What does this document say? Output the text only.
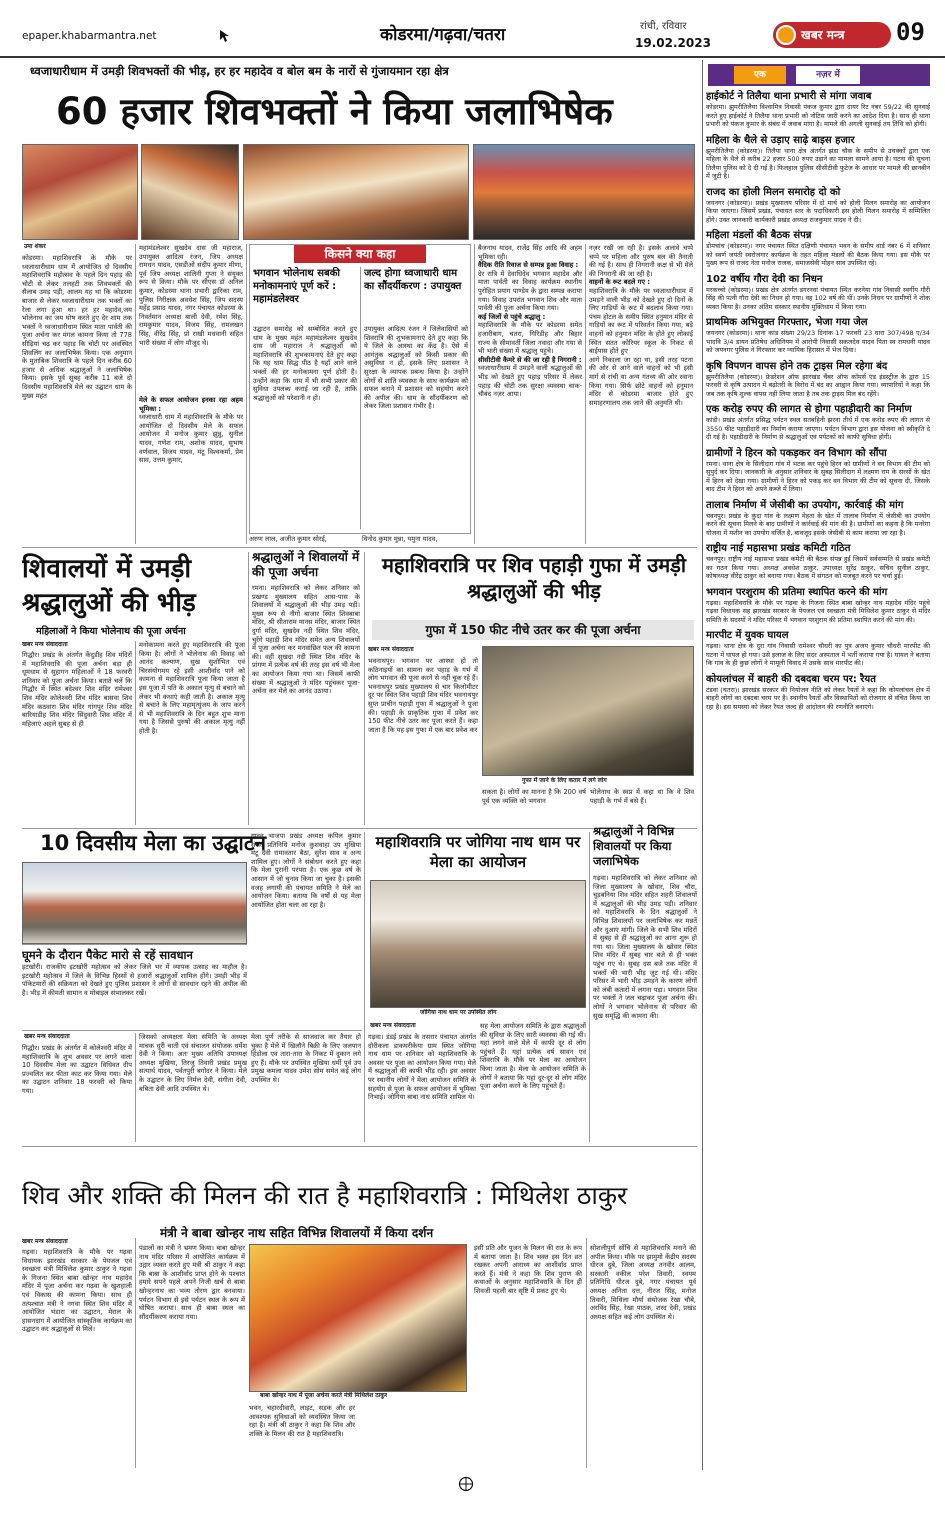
epaper.khabarmantra.net	कोडरमा/गढ़वा/चतरा	रांची, रविवार
19.02.2023
खबर मन्त्र 09
ध्वजाधारीधाम में उमड़ी शिवभक्तों की भीड़, हर हर महादेव व बोल बम के नारों से गुंजायमान रहा क्षेत्र
60 हजार शिवभक्तों ने किया जलाभिषेक
उमा शंकर
कोडरमा। महाशिवरात्रि के मौके पर ध्वजाधारीधाम धाम में आयोजित दो दिवसीय महाशिवरात्रि महोत्सव के पहले दिन पहाड़ की चोटी से लेकर तलहटी तक शिवभक्तों की सैलाब उमड़ पड़ी, आलम यह था कि कोडरमा बाजार से लेकर ध्वजाधारीधाम तक भक्तों का रेला लगा हुआ था। हर हर महादेव,जय भोलेनाथ का जय घोष करते हुए देर शाम तक भक्तों ने ध्वजाधारीधाम स्थित माता पार्वती की पूजा अर्चना कर मंगल कामना किया तो 778 सीढ़ियां चढ़ कर पहाड़ कि चोटी पर अवस्थित शिवलिंग का जलाभिषेक किया। एक अनुमान के मुताबिक शिवरात्रि के पहले दिन करीब 60 हजार से अधिक श्रद्धालुओं ने जलाभिषेक किया। इसके पूर्व सुबह करीब 11 बजे दो दिवसीय महाशिवरात्रि मेले का उद्घाटन धाम के मुख्य महंत
महामंडलेश्वर सुखदेव दास जी महाराज, उपायुक्त आदित्य रंजन, जिप अध्यक्ष रामधन यादव, एसडीओ संदीप कुमार मीणा, पूर्व जिप अध्यक्ष शालिनी गुप्ता ने संयुक्त रूप से किया। मौके पर सीएस डॉ अनिल कुमार, कोडरमा थाना प्रभारी द्वारिका राम, पुलिस निरीक्षक अवधेश सिंह, जिप सदस्य महेंद्र प्रसाद यादव, नगर पंचायत कोडरमा के निवर्तमान अध्यक्ष बाली देवी, रमेश सिंह, रामकुमार यादव, विजय सिंह, रामलखन सिंह, वीरेंद्र सिंह, प्रो राखी मधवानी सहित भारी संख्या में लोग मौजूद थे।
मेले के सफल आयोजन इनका रहा अहम भूमिका :
ध्वजाधारी धाम में महाशिवरात्रि के मौके पर आयोजित दो दिवसीय मेले के सफल आयोजन में मनोज कुमार झुन्नु, सुनील यादव, गणेश राम, अशोक यादव, सुभाष वर्णवाल, विजय यादव, मंटू विश्वकर्मा, प्रेम साव, उत्तम कुमार,
किसने क्या कहा
भगवान भोलेनाथ सबकी मनोकामनाएं पूर्ण करें : महामंडलेश्वर
उद्घाटन समारोह को सम्बोधित करते हुए धाम के मुख्य महंत महामंडलेश्वर सुखदेव दास जी महाराज ने श्रद्धालुओं को महाशिवरात्रि की शुभकामनाएं देते हुए कहा कि यह धाम सिद्ध पीठ है यहाँ आने वाले भक्तों की हर मनोकामना पूर्ण होती है। उन्होंने कहा कि धाम में भी सभी प्रकार की सुविधा उपलब्ध कराई जा रही है, ताकि श्रद्धालुओं को परेशानी न हो।
जल्द होगा ध्वजाधारी धाम का सौंदर्यीकरण : उपायुक्त
उपायुक्त आदित्य रंजन ने जिलेवासियों को शिवरात्रि की शुभकामनाएं देते हुए कहा कि ये जिले के आस्था का केंद्र है। ऐसे में आगंतुक श्रद्धालुओं को किसी प्रकार की असुविधा न हो, इसके लिए प्रशासन ने सुरक्षा के व्यापक प्रबन्ध किया है। उन्होंने लोगों से शांति व्यवस्था के साथ कार्यक्रम को सफल बनाने में प्रशासन को सहयोग करने की अपील की। धाम के सौंदर्यीकरण को लेकर जिला प्रशासन गंभीर है।
अरुण लाल, अजीत कुमार सोरई,	विनोद कुमार मुन्ना, यमुना यादव,
बैजनाथ यादव, राजेंद्र सिंह आदि की अहम भूमिका रही।
वैदिक रीति रिवाज से सम्पन्न हुआ विवाह :
देर रात्रि में देवाधिदेव भगवान महादेव और माता पार्वती का विवाह कार्यक्रम स्थानीय पुरोहित प्रयाग पाण्डेय के द्वारा सम्पन्न कराया गया। विवाह उपरांत भगवान शिव और माता पार्वती की पूजा अर्चना किया गया।
कई जिलों से पहुंचे श्रद्धालु :
महाशिवरात्रि के मौके पर कोडरमा समेत हजारीबाग, चतरा, गिरिडीह और बिहार राज्य के सीमावर्ती जिला नवादा और गया से भी भारी संख्या में श्रद्धालु पहुंचे।
सीसीटीवी कैमरे से की जा रही है निगरानी :
ध्वजाधारीधाम में उमड़ने वाली श्रद्धालुओं की भीड़ को देखते हुए पहाड़ परिसर में लेकर पहाड़ की चोटी तक सुरक्षा व्यवस्था चाक-चौबंद नज़र आया।
नज़र रखी जा रही है। इसके अलावे चप्पे चप्पे पर महिला और पुरुष बल की तैनाती की गई है। साथ ही निगरानी कक्ष से भी मेले की निगरानी की जा रही है।
वाहनों के रूट बदले गए :
महाशिवरात्रि के मौके पर ध्वजाधारीधाम में उमड़ने वाली भीड़ को देखते हुए दो दिनों के लिए गाड़ियों के रूट में बदलाव किया गया। पंचम होटल के समीप स्थित हनुमान मंदिर से गाड़ियों का रूट में परिवर्तन किया गया, बड़े वाहनों को हनुमान मंदिर के होते हुए लोकाई स्थित सतत कोरियर स्कूल के निकट से बाईपास होते हुए
आगे निकाला जा रहा था, इसी तरह पटना की ओर से आने वाले वाहनों को भी इसी मार्ग से रांची या अन्य गंतव्य की ओर रवाना किया गया। सिर्फ छोटे वाहनों को हनुमान मंदिर से कोडरमा बाजार होते हुए समाहरणालय तक जाने की अनुमति थी।
शिवालयों में उमड़ी श्रद्धालुओं की भीड़
महिलाओं ने किया भोलेनाथ की पूजा अर्चना
खबर मन्त्र संवाददाता
गिद्धौर। प्रखंड के अंतर्गत केंदुडीह शिव मंदिरों में महाशिवरात्रि की पूजा अर्चना बड़ा ही धूमधाम से सुहागन महिलाओं ने 18 फरवरी शनिवार को पूजा अर्चना किया। बताते चलें कि गिद्धौर में स्थित बदेश्वर शिव मंदिर रामेश्वर शिव मंदिर कोलेश्वरी शिव मंदिर बासवा शिव मंदिर कठवारा शिव मंदिर गांगपुर शिव मंदिर बारियाडीह शिव मंदिर सिंदुवारी शिव मंदिर में महिलाएं अहले सुबह से ही
मनोकामना करते हुए महाशिवरात्रि की पूजा किया है। लोगों ने भोलेनाथ की विवाह को आनंद कल्याण, सुख सुशोभित एवं चिरसंयोगमय रहे इसी आशीर्वाद पाने को कामना से महाशिवरात्रि पूजा किया जाता है इस पूजा में पति के अकाल मृत्यु से बचाने को लेकर भी कथाएं कही जाती है। अकाल मृत्यु से बचाने के लिए महामृत्युंजय के जाप करने से भी महाशिवरात्रि के दिन बहुत शुभ माना गया है जिससे पुरुषों की अकाल मृत्यु नहीं होती है।
श्रद्धालुओं ने शिवालयों में की पूजा अर्चना
रमना। महाशिवरात्रि को लेकर शनिवार को प्रखण्ड मुख्यालय सहित आस-पास के शिवालयों में श्रद्धालुओं की भीड़ उमड़ पड़ी। मुख्य रूप से नौगो बाजार स्थित शिवबाबा मंदिर, श्री सीताराम मानस मंदिर, बाजार स्थित दुर्गा मंदिर, सुखदेव नदी स्थित शिव मंदिर, चुरेंगे पहाड़ी शिव मंदिर समेत अन्य शिवालयों में पूजा अर्चना कर मनवांछित फल की कामना की। वहीं सुखदा नदी स्थित शिव मंदिर के प्रांगण में प्रत्येक वर्ष की तरह इस वर्ष भी मेला का आयोजन किया गया था। जिसमें काफी संख्या में श्रद्धालुओं ने मंदिर पहुंचकर पूजा-अर्चना कर मेले का आनंद उठाया।
महाशिवरात्रि पर शिव पहाड़ी गुफा में उमड़ी श्रद्धालुओं की भीड़
गुफा में 150 फीट नीचे उतर कर की पूजा अर्चना
खबर मन्त्र संवाददाता
भवनाथपुर। भगवान पर आस्था हो तो कठिनाइयों का सामना कर पहाड़ के गर्भ में लोग भगवान की पूजा करने से नहीं चूक रहे हैं। भवनाथपुर प्रखंड मुख्यालय से चार किलोमीटर दूर पर स्थित शिव पहाड़ी शिव मंदिर भवनाथपुर सुप्त प्राचीन पहाड़ी गुफा में श्रद्धालुओं ने पूजा की। पहाड़ी के प्राकृतिक गुफा में प्रवेश कर 150 फीट नीचे उतर कर पूजा करते हैं। कहा जाता है कि यह इस गुफा में एक बार प्रवेश कर
गुफा में जाने के लिए कतार में लगे लोग
सकता है। लोगों का मानना है कि 200 वर्ष पूर्व एक व्यक्ति को भगवान
भोलेनाथ के स्वप्न में कहा था कि वे शिव पहाड़ी के गर्भ में बसे हैं।
10 दिवसीय मेला का उद्घाटन
यादव भाजपा प्रखंड अध्यक्ष कपिल कुमार संसद प्रतिनिधि मनोज कुशवाहा उप मुखिया मंटू देवी रामावतार बैठा, सुरेश साव व अन्य शामिल हुए। लोगों ने संबोधन करते हुए कहा कि मेला पुरानी परंपरा है। एक कुछ वर्ष के आसान में जो चुनाव किया जा चुका है। इसकी वजह लगायी की पंचायत समिति ने मेले का आयोजन किया। बताया कि वर्षों से यह मेला आयोजित होता चला आ रहा है।
घूमने के दौरान पैकेट मारो से रहें सावधान
इटखोरी। राजकीय इटखोरी महोत्सव को लेकर जिले भर में व्यापक उत्साह का माहौल है। इटखोरी महोत्सव में जिले के विभिन्न हिस्सों से हजारों श्रद्धालुओं शामिल होंगे। उमड़ी भीड़ में पॉकेटमारों की सक्रियता को देखते हुए पुलिस प्रशासन ने लोगों से सावधान रहने की अपील की है। भीड़ में कीमती सामान व मोबाइल संभालकर रखें।
खबर मन्त्र संवाददाता
गिद्धौर। प्रखंड के अंतर्गत में कोलेश्वरी मंदिर में महाशिवरात्रि के शुभ अवसर पर लगने वाला 10 दिवसीय मेला का उद्घाटन विधिवत दीप प्रज्वलित कर फीता काट कर किया गया। मेले का उद्घाटन शनिवार 18 फरवरी को किया गया।
जिसको अध्यक्षता मेला समिति के अध्यक्ष माचक धुरी चाती एवं संचालन संयोजक धर्मेश देवी ने किया। अतः मुख्य अतिथि उपाध्यक्ष अध्यक्ष मुखिया, तिरजु तिवारी प्रखंड प्रमुख सत्यार्थ यादव, पर्वतपुरी बगोदर ने किया। मेले के उद्घाटन के लिए निर्मल देवी, संगीता देवी, बबिता देवी आदि उपस्थित थे।
मेला पूर्ण तरीके से साजवाज कर तैयार हो चुका है मेले में खिलौने बिक्री के लिए जलपान हिंडोला एवं तारा-तारा के निकट में दुकान लगे हुए हैं। मौके पर उपस्थित मुखिया धर्मी पूर्व उप प्रमुख कमला यादव उमेश सोम समेत कई लोग उपस्थित थे।
महाशिवरात्रि पर जोगिया नाथ धाम पर मेला का आयोजन
जोगिया नाथ धाम पर उपस्थित लोग
खबर मन्त्र संवाददाता
गढ़वा। डंडई प्रखंड के तसरार पंचायत अंतर्गत दोरीकला डाकघरीकेया ग्राम स्थित जोगिया नाथ धाम पर शनिवार को महाशिवरात्रि के अवसर पर पूजा का आयोजन किया गया। मेले में श्रद्धालुओं की काफी भीड़ रही। इस अवसर पर स्थानीय लोगों ने मेला आयोजन समिति के सहयोग से पूजा के सफल आयोजन में भूमिका निभाई। जोगिया बाबा नाथ समिति शामिल थे।
सह मेला आयोजन समिति के द्वारा श्रद्धालुओं की सुविधा के लिए सारी व्यवस्था की गई थी। यहां लगने वाले मेले में काफी दूर से लोग पहुंचते हैं। यहां प्रत्येक वर्ष सावन एवं शिवरात्रि के मौके पर मेला का आयोजन किया जाता है। मेला के आयोजन समिति के लोगों ने बताया कि यहां दूर-दूर से लोग मंदिर पूजा अर्चना करने के लिए पहुंचते हैं।
श्रद्धालुओं ने विभिन्न शिवालयों पर किया जलाभिषेक
गढ़वा। महाशिवरात्रि को लेकर शनिवार को जिला मुख्यालय के खोवार, शिव चौरा, चुड़बनिया शिव मंदिर सहित शहरी शिवालयों में श्रद्धालुओं की भीड़ उमड़ पड़ी। शनिवार को महाशिवरात्रि के दिन श्रद्धालुओं ने विभिन्न शिवालयों पर जलाभिषेक कर मन्नतें और दुआएं मांगी। जिले के सभी शिव मंदिरों में सुबह से ही श्रद्धालुओं का आना शुरू हो गया था। जिला मुख्यालय के खोवार स्थित शिव मंदिर में सुबह चार बजे से ही भक्त पहुंच गए थे। सुबह दस बजे तक मंदिर में भक्तों की भारी भीड़ जुट गई थी। मंदिर परिसर में भारी भीड़ उमड़ने के कारण लोगों को लंबी कतारों में लगना पड़ा। भगवान शिव पर भक्तों ने जल चढ़ाकर पूजा अर्चना की। लोगों ने भगवान भोलेनाथ से परिवार की सुख समृद्धि की कामना की।
शिव और शक्ति की मिलन की रात है महाशिवरात्रि : मिथिलेश ठाकुर
मंत्री ने बाबा खोन्हर नाथ सहित विभिन्न शिवालयों में किया दर्शन
खबर मन्त्र संवाददाता
गढ़वा। महाशिवरात्रि के मौके पर गढ़वा विधायक झारखंड सरकार के पेयजल एवं स्वच्छता मंत्री मिथिलेश कुमार ठाकुर ने गढ़वा के गिजना स्थित बाबा खोन्हर नाथ महादेव मंदिर में पूजा अर्चना कर गढ़वा के खुशहाली एवं विकास की कामना किया। साथ ही तत्पश्चात मंत्री ने नगवा स्थित शिव मंदिर में आयोजित भंडारा का उद्घाटन, मेराल के हासनदाग में आयोजित सांस्कृतिक कार्यक्रम का उद्घाटन कर श्रद्धालुओं से मिले।
पंडालों का मंत्री ने भ्रमण किया। बाबा खोन्हर नाथ मंदिर परिसर में आयोजित कार्यक्रम में उद्गार व्यक्त करते हुए मंत्री श्री ठाकुर ने कहा कि बाबा के आशीर्वाद प्राप्त होने के पश्चात हमारे सपने पहले अपने निजी खर्च से बाबा खोन्हरनाथ का भव्य तोरण द्वार बनवाया। पर्यटन विभाग से इसे पर्यटन स्थल के रूप में घोषित कराया। साथ ही बाबा स्थल का सौंदर्यीकरण कराया गया।
बाबा खोन्हर नाथ में पूजा अर्चना करते मंत्री मिथिलेश ठाकुर
भवन, चहारदीवारी, लाइट, सड़क और हर आवश्यक सुविधाओं को व्यवस्थित किया जा रहा है। मंत्री श्री ठाकुर ने कहा कि शिव और शक्ति के मिलन की रात है महाशिवरात्रि।
इसी प्रति और पूजन के मिलन की रात के रूप में बताया जाता है। शिव भक्त इस दिन व्रत रखकर अपनी आराध्य का आशीर्वाद प्राप्त करते हैं। मंत्री ने कहा कि शिव पुराण की कथाओं के अनुसार महाशिवरात्रि के दिन ही शिवजी पहली बार सृष्टि में प्रकट हुए थे।
सोशलीपुर्ण सोंचि से महाशिवरात्रि मनाने की अपील किया। मौके पर झामुमो केंद्रीय सदस्य धीरज दुबे, जिला अध्यक्ष तनवीर आलम, सरकारी वकील परेश तिवारी, स्वयम प्रतिनिधि धीरज दुबे, नगर पंचायत पूर्व अध्यक्ष अनिता दत्त, नीरज सिंह, मनोज तिवारी, मिथिला मौर्या संयोजक रेखा चौबे, अरविंद सिंह, रेखा पाठक, शरद देवी, प्रखंड अध्यक्ष सहित कई लोग उपस्थित थे।
एक	नज़र में
हाईकोर्ट ने तिलैया थाना प्रभारी से मांगा जवाब
कोडरमा। झुमरीतिलैया विश्वामित्र निवासी पंकज कुमार द्वारा दायर रिट नंबर 59/22 की सुनवाई करते हुए हाईकोर्ट ने तिलैया थाना प्रभारी को नोटिस जारी करने का आदेश दिया है। साथ ही थाना प्रभारी को पंकज कुमार के संबंध में जवाब मांगा है। मामले की अगली सुनवाई तय तिथि को होगी।
महिला के थैले से उड़ाए साढ़े बाइस हजार
झुमरीतिलैया (कोडरमा)। तिलैया थाना क्षेत्र अंतर्गत झंडा चौक के समीप से उचक्कों द्वारा एक महिला के थैले से करीब 22 हजार 500 रुपए उड़ाने का मामला सामने आया है। घटना की सूचना तिलैया पुलिस को दे दी गई है। फिलहाल पुलिस सीसीटीवी फुटेज के आधार पर मामले की छानबीन में जुटी है।
राजद का होली मिलन समारोह दो को
जयनगर (कोडरमा)। प्रखंड मुख्यालय परिसर में दो मार्च को होली मिलन समारोह का आयोजन किया जाएगा। जिसमें प्रखंड, पंचायत स्तर के पदाधिकारी इस होली मिलन समारोह में सम्मिलित होंगे। उक्त जानकारी कार्यकारी प्रखंड अध्यक्ष राजकुमार यादव ने दी।
महिला मंडलों की बैठक संपन्न
डोमचांच (कोडरमा)। नगर पंचायत स्थित दक्षिणी पंचायत भवन के समीप वार्ड नंबर 6 में शनिवार को स्वर्ण जयंती स्वरोजगार कार्यक्रम के तहत महिला मंडलों की बैठक किया गया। इस मौके पर मुख्य रूप से राजद नेता मनोज राजक, समाजसेवी मोहन साव उपस्थित रहे।
102 वर्षीय गौरा देवी का निधन
मरकच्चो (कोडरमा)। प्रखंड क्षेत्र अंतर्गत डगरनवां पंचायत स्थित करनेया गांव निवासी स्वर्गीय गौरी सिंह की पत्नी गौरा देवी का निधन हो गया। वह 102 वर्ष की थीं। उनके निधन पर ग्रामीणों ने शोक व्यक्त किया है। उनका अंतिम संस्कार स्थानीय मुक्तिधाम में किया गया।
प्राथमिक अभियुक्त गिरफ्तार, भेजा गया जेल
जयनगर (कोडरमा)। थाना कांड संख्या 29/23 दिनांक 17 फरवरी 23 धारा 307/498 ए/34 भादवि 3/4 डायन प्रतिषेध अधिनियम में आरोपी निवासी सकलदेव यादव पिता स्व रामधनी यादव को जयनगर पुलिस ने गिरफ्तार कर न्यायिक हिरासत में भेज दिया।
कृषि विपणन वापस होने तक ट्राइस मिल रहेगा बंद
झुमरीतिलैया (कोडरमा)। फ्रेडरेशन ऑफ झारखंड चैंबर ऑफ कॉमर्स एंड इंडस्ट्रीज के द्वारा 15 फरवरी से कृषि उत्पादन में बढ़ोतरी के विरोध में बंद का आह्वान किया गया। व्यापारियों ने कहा कि जब तक कृषि शुल्क वापस नहीं लिया जाता है तब तक ट्राइस मिल बंद रहेंगे।
एक करोड़ रुपए की लागत से होगा पहाड़ीदारी का निर्माण
कांडी। प्रखंड अंतर्गत प्रसिद्ध पर्यटन स्थल सतबहिनी झरना तीर्थ में एक करोड़ रुपए की लागत से 3550 फीट पहाड़ीदारी का निर्माण कराया जाएगा। पर्यटन विभाग द्वारा इस योजना को स्वीकृति दे दी गई है। पहाड़ीदारी के निर्माण से श्रद्धालुओं एवं पर्यटकों को काफी सुविधा होगी।
ग्रामीणों ने हिरन को पकड़कर वन विभाग को सौंपा
रमना। थाना क्षेत्र के सिलीदाग गांव में भटक कर पहुंचे हिरन को ग्रामीणों ने वन विभाग की टीम को सुपुर्द कर दिया। जानकारी के अनुसार शनिवार के सुबह सिलीदाग में लक्ष्मण राम के सरसों के खेत में हिरन को देखा गया। ग्रामीणों ने हिरन को पकड़ कर वन विभाग की टीम को सूचना दी, जिसके बाद टीम ने हिरन को अपने कब्जे में लिया।
तालाब निर्माण में जेसीबी का उपयोग, कार्रवाई की मांग
चवनपुर। प्रखंड के कुंदा गांव के लक्ष्मण मेहता के खेत में तालाब निर्माण में जेसीबी का उपयोग करने की सूचना मिलने के बाद ग्रामीणों ने कार्रवाई की मांग की है। ग्रामीणों का कहना है कि मनरेगा योजना में मशीन का उपयोग वर्जित है, बावजूद इसके जेसीबी से काम कराया जा रहा है।
राष्ट्रीय नाई महासभा प्रखंड कमिटी गठित
चवनपुर। राष्ट्रीय नाई महासभा प्रखंड कमेटी की बैठक संपन्न हुई जिसमें सर्वसम्मति से प्रखंड कमेटी का गठन किया गया। अध्यक्ष अवधेश ठाकुर, उपाध्यक्ष सुरेंद्र ठाकुर, सचिव सुनील ठाकुर, कोषाध्यक्ष वीरेंद्र ठाकुर को बनाया गया। बैठक में संगठन को मजबूत करने पर चर्चा हुई।
भगवान परशुराम की प्रतिमा स्थापित करने की मांग
गढ़वा। महाशिवरात्रि के मौके पर गढ़वा के गिजना स्थित बाबा खोन्हर नाथ महादेव मंदिर पहुंचे गढ़वा विधायक सह झारखंड सरकार के पेयजल एवं स्वच्छता मंत्री मिथिलेश कुमार ठाकुर से मंदिर समिति के सदस्यों ने मंदिर परिसर में भगवान परशुराम की प्रतिमा स्थापित करने की मांग की।
मारपीट में युवक घायल
गढ़वा। थाना क्षेत्र के दुरा गांव निवासी रामेश्वर चौधरी का पुत्र अजय कुमार चौधरी मारपीट की घटना में घायल हो गया। उसे इलाज के लिए सदर अस्पताल में भर्ती कराया गया है। घायल ने बताया कि गांव के ही कुछ लोगों ने मामूली विवाद में उसके साथ मारपीट की।
कोयलांचल में बाहरी की दबदबा चरम पर: रैयत
टंडवा (चतरा)। झारखंड सरकार की नियोजन नीति को लेकर रैयतों ने कहा कि कोयलांचल क्षेत्र में बाहरी लोगों का दबदबा चरम पर है। स्थानीय रैयतों और विस्थापितों को रोजगार से वंचित किया जा रहा है। इस समस्या को लेकर रैयत जल्द ही आंदोलन की रणनीति बनाएंगे।
